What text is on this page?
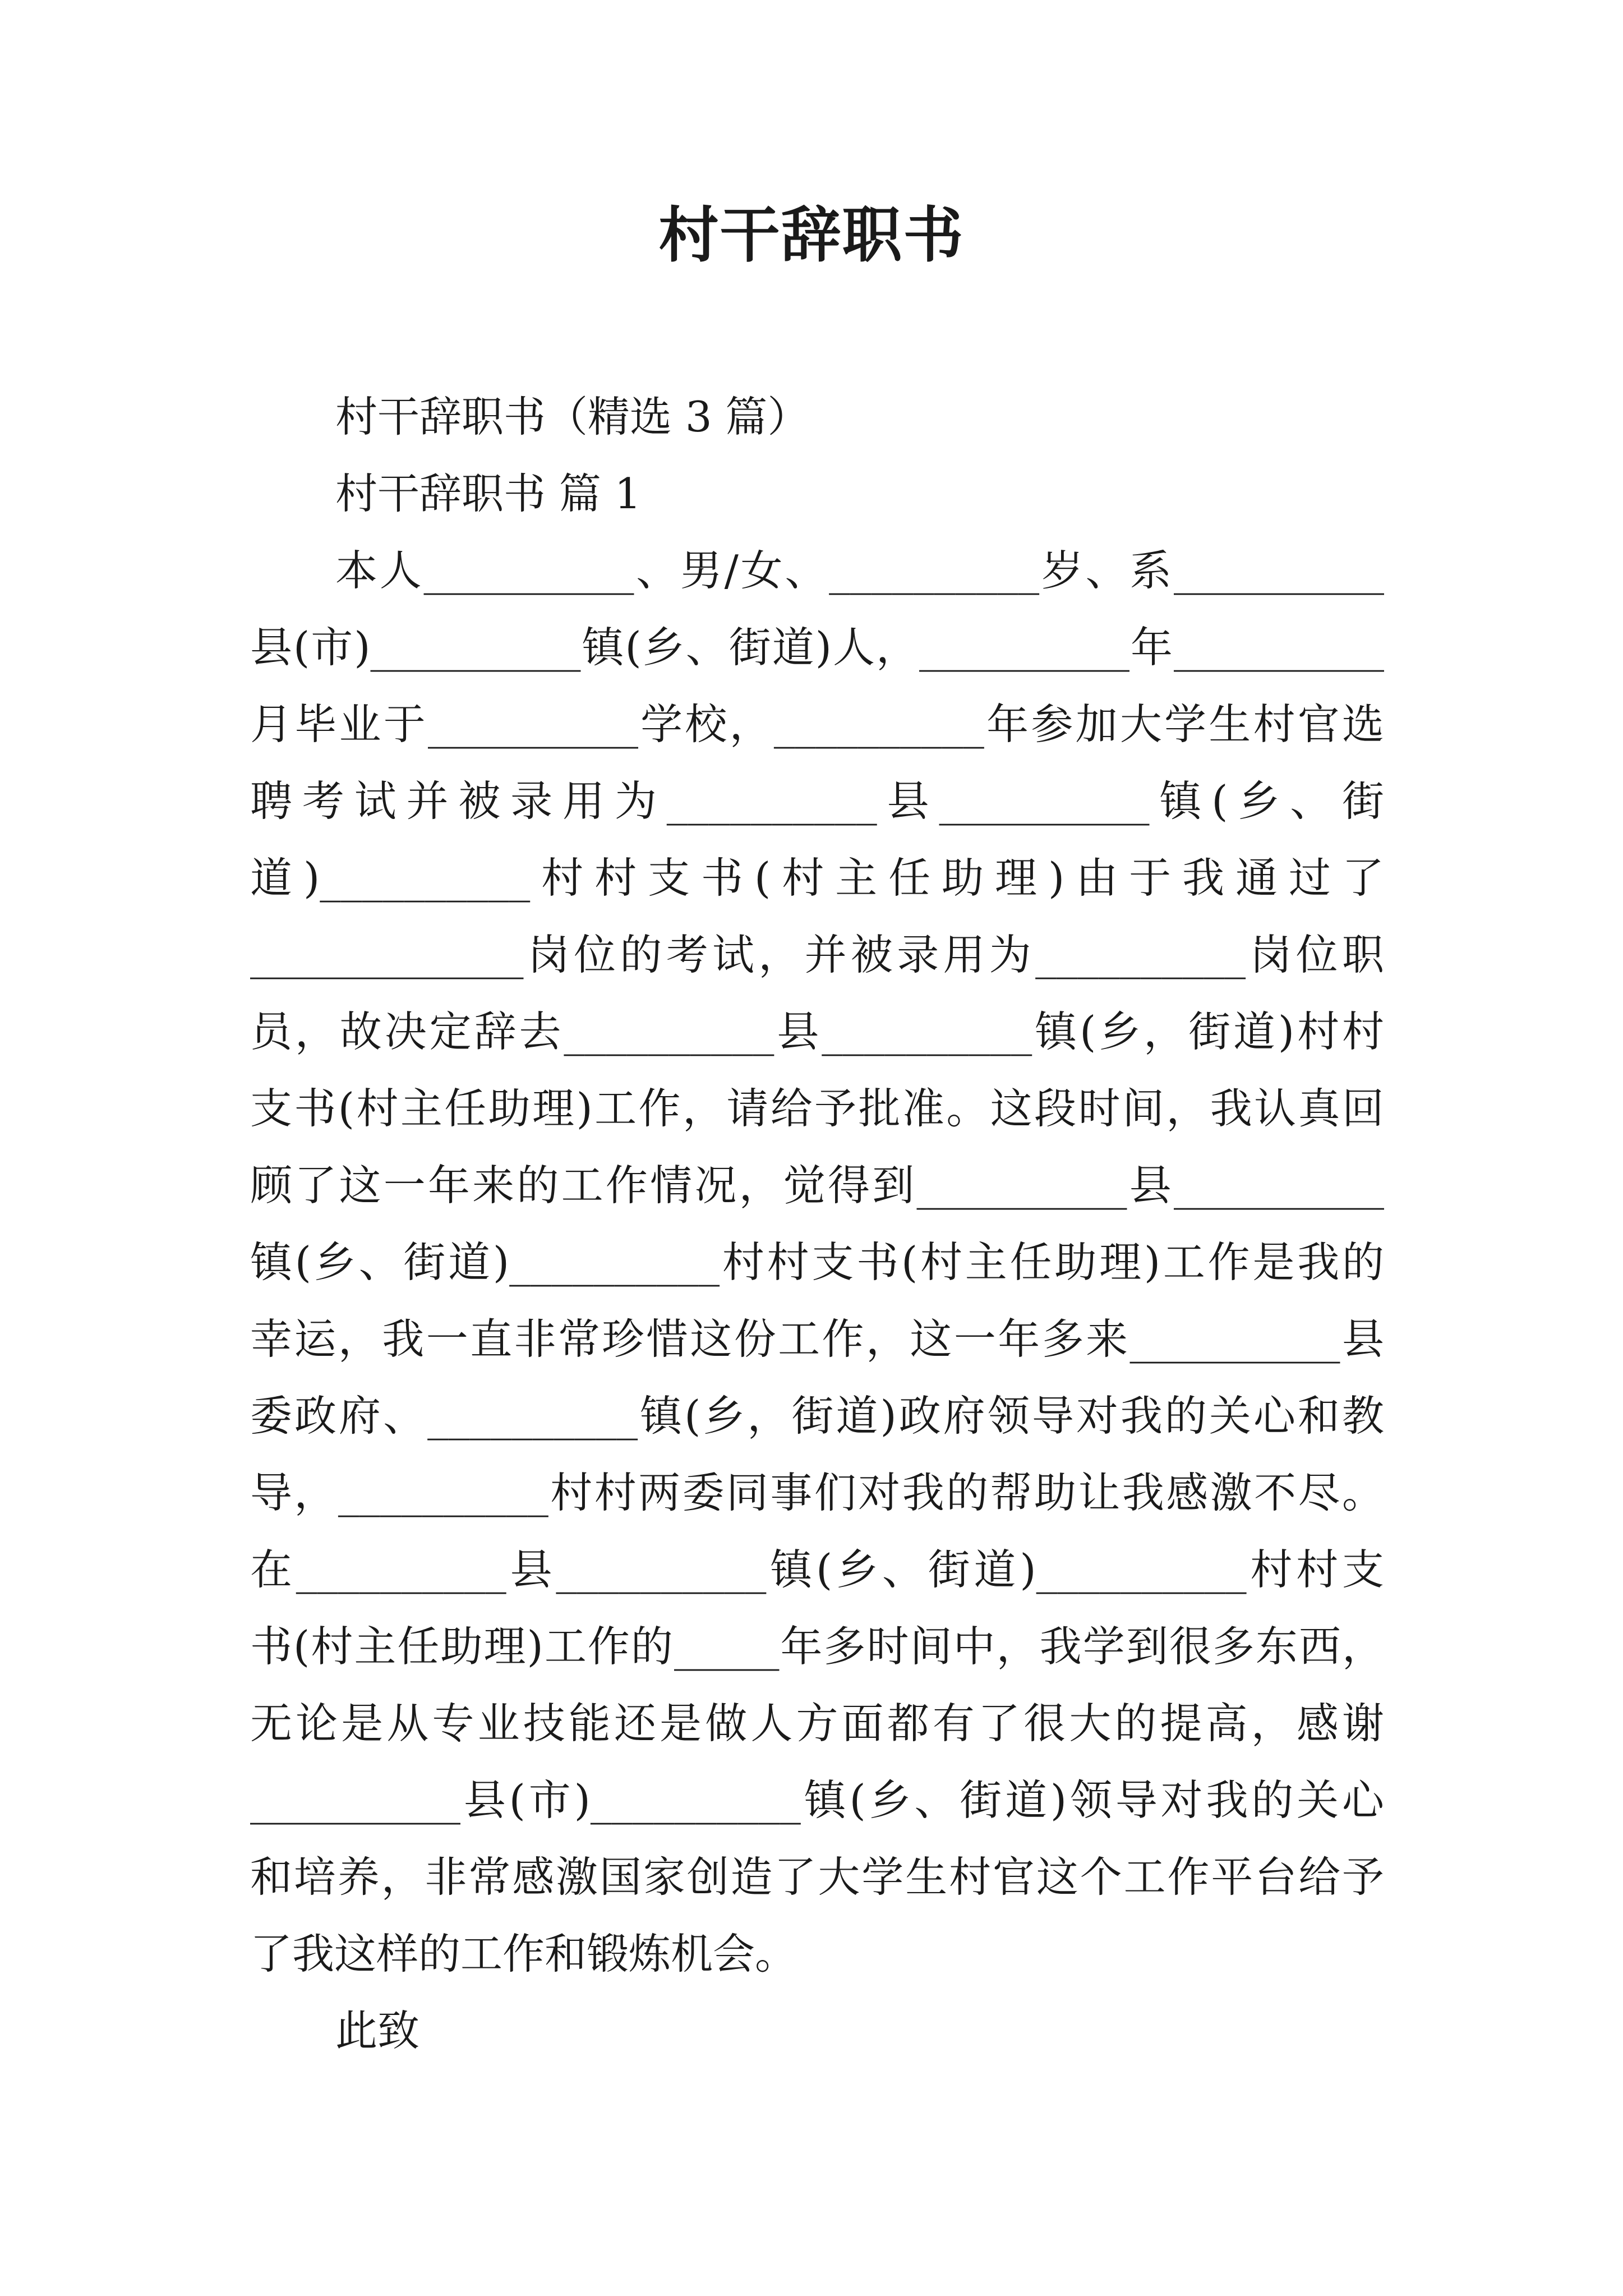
村干辞职书
村干辞职书（精选 3 篇）
村干辞职书 篇 1
本人__________、男/女、__________岁、系__________
县(市)__________镇(乡、街道)人，__________年__________
月毕业于__________学校，__________年参加大学生村官选
聘考试并被录用为__________县__________镇(乡、街
道)__________村村支书(村主任助理)由于我通过了
_____________岗位的考试，并被录用为__________岗位职
员，故决定辞去__________县__________镇(乡，街道)村村
支书(村主任助理)工作，请给予批准。这段时间，我认真回
顾了这一年来的工作情况，觉得到__________县__________
镇(乡、街道)__________村村支书(村主任助理)工作是我的
幸运，我一直非常珍惜这份工作，这一年多来__________县
委政府、__________镇(乡，街道)政府领导对我的关心和教
导，__________村村两委同事们对我的帮助让我感激不尽。
在__________县__________镇(乡、街道)__________村村支
书(村主任助理)工作的_____年多时间中，我学到很多东西，
无论是从专业技能还是做人方面都有了很大的提高，感谢
__________县(市)__________镇(乡、街道)领导对我的关心
和培养，非常感激国家创造了大学生村官这个工作平台给予
了我这样的工作和锻炼机会。
此致
